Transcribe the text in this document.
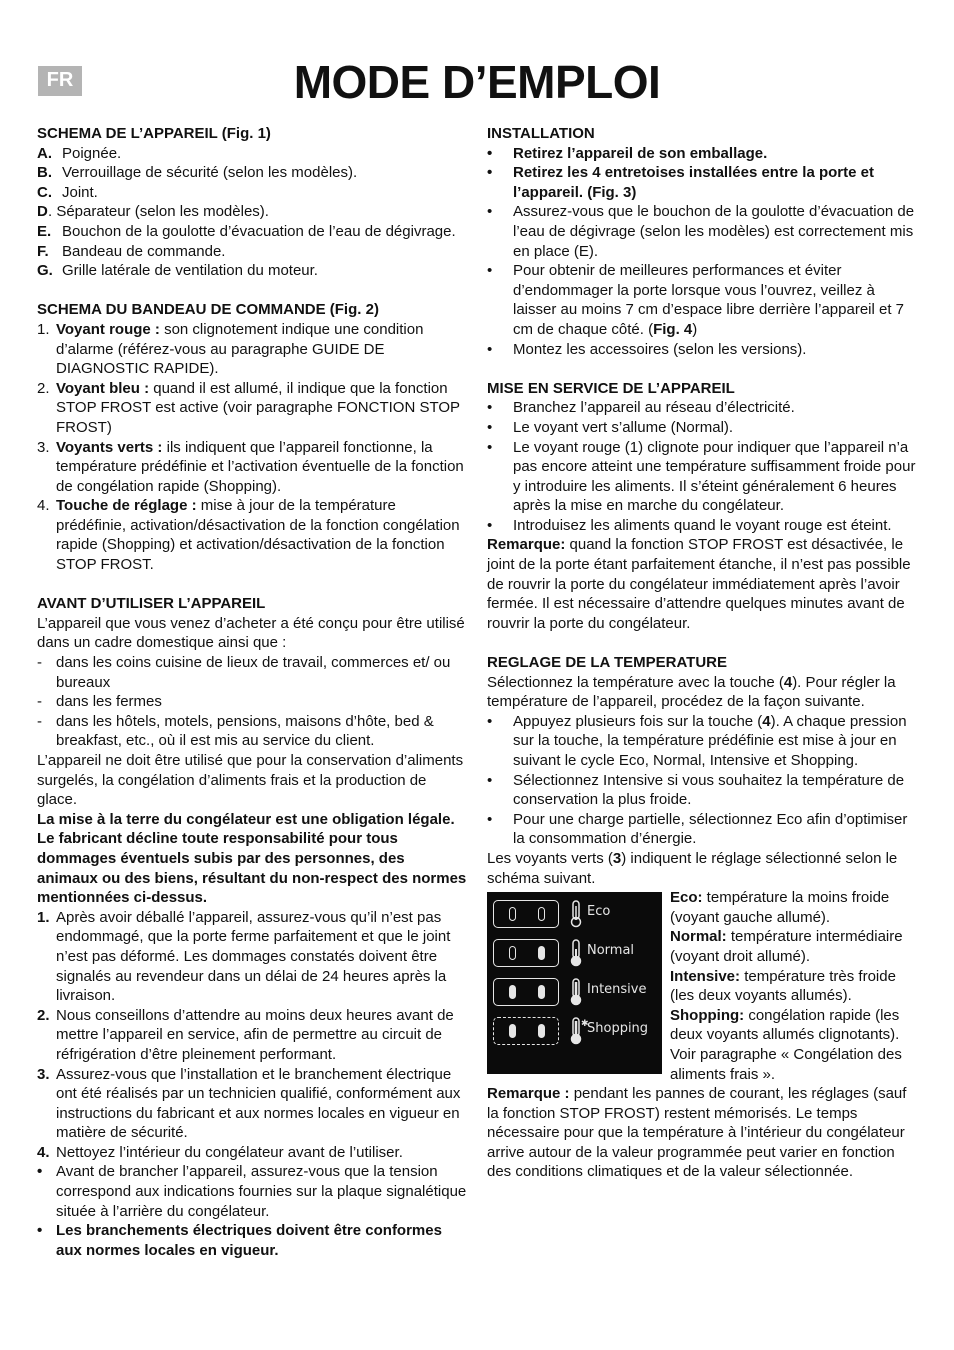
FR	MODE D’EMPLOI
SCHEMA DE L’APPAREIL (Fig. 1)
A. Poignée.
B. Verrouillage de sécurité (selon les modèles).
C. Joint.
D . Séparateur (selon les modèles).
E. Bouchon de la goulotte d’évacuation de l’eau de dégivrage.
F. Bandeau de commande.
G. Grille latérale de ventilation du moteur.
SCHEMA DU BANDEAU DE COMMANDE (Fig. 2)
1. Voyant rouge : son clignotement indique une condition d’alarme (référez-vous au paragraphe GUIDE DE DIAGNOSTIC RAPIDE).
2. Voyant bleu : quand il est allumé, il indique que la fonction STOP FROST est active (voir paragraphe FONCTION STOP FROST)
3. Voyants verts : ils indiquent que l’appareil fonctionne, la température prédéfinie et l’activation éventuelle de la fonction de congélation rapide (Shopping).
4. Touche de réglage : mise à jour de la température prédéfinie, activation/désactivation de la fonction congélation rapide (Shopping) et activation/désactivation de la fonction STOP FROST.
AVANT D’UTILISER L’APPAREIL
L’appareil que vous venez d’acheter a été conçu pour être utilisé dans un cadre domestique ainsi que :
- dans les coins cuisine de lieux de travail, commerces et/ ou bureaux
- dans les fermes
- dans les hôtels, motels, pensions, maisons d’hôte, bed & breakfast, etc., où il est mis au service du client.
L’appareil ne doit être utilisé que pour la conservation d’aliments surgelés, la congélation d’aliments frais et la production de glace.
La mise à la terre du congélateur est une obligation légale. Le fabricant décline toute responsabilité pour tous dommages éventuels subis par des personnes, des animaux ou des biens, résultant du non-respect des normes mentionnées ci-dessus.
1. Après avoir déballé l’appareil, assurez-vous qu’il n’est pas endommagé, que la porte ferme parfaitement et que le joint n’est pas déformé. Les dommages constatés doivent être signalés au revendeur dans un délai de 24 heures après la livraison.
2. Nous conseillons d’attendre au moins deux heures avant de mettre l’appareil en service, afin de permettre au circuit de réfrigération d’être pleinement performant.
3. Assurez-vous que l’installation et le branchement électrique ont été réalisés par un technicien qualifié, conformément aux instructions du fabricant et aux normes locales en vigueur en matière de sécurité.
4. Nettoyez l’intérieur du congélateur avant de l’utiliser.
• Avant de brancher l’appareil, assurez-vous que la tension correspond aux indications fournies sur la plaque signalétique située à l’arrière du congélateur.
• Les branchements électriques doivent être conformes aux normes locales en vigueur.
INSTALLATION
•	Retirez l’appareil de son emballage.
•	Retirez les 4 entretoises installées entre la porte et l’appareil. (Fig. 3)
•	Assurez-vous que le bouchon de la goulotte d’évacuation de l’eau de dégivrage (selon les modèles) est correctement mis en place (E).
•	Pour obtenir de meilleures performances et éviter d’endommager la porte lorsque vous l’ouvrez, veillez à laisser au moins 7 cm d’espace libre derrière l’appareil et 7 cm de chaque côté. (Fig. 4)
•	Montez les accessoires (selon les versions).
MISE EN SERVICE DE L’APPAREIL
•	Branchez l’appareil au réseau d’électricité.
•	Le voyant vert s’allume (Normal).
•	Le voyant rouge (1) clignote pour indiquer que l’appareil n’a pas encore atteint une température suffisamment froide pour y introduire les aliments. Il s’éteint généralement 6 heures après la mise en marche du congélateur.
•	Introduisez les aliments quand le voyant rouge est éteint.
Remarque: quand la fonction STOP FROST est désactivée, le joint de la porte étant parfaitement étanche, il n’est pas possible de rouvrir la porte du congélateur immédiatement après l’avoir fermée. Il est nécessaire d’attendre quelques minutes avant de rouvrir la porte du congélateur.
REGLAGE DE LA TEMPERATURE
Sélectionnez la température avec la touche (4). Pour régler la température de l’appareil, procédez de la façon suivante.
•	Appuyez plusieurs fois sur la touche (4). A chaque pression sur la touche, la température prédéfinie est mise à jour en suivant le cycle Eco, Normal, Intensive et Shopping.
•	Sélectionnez Intensive si vous souhaitez la température de conservation la plus froide.
•	Pour une charge partielle, sélectionnez Eco afin d’optimiser la consommation d’énergie.
Les voyants verts (3) indiquent le réglage sélectionné selon le schéma suivant.
Eco
Normal
Intensive
✱
Shopping
Eco: température la moins froide (voyant gauche allumé).
Normal: température intermédiaire (voyant droit allumé).
Intensive: température très froide (les deux voyants allumés).
Shopping: congélation rapide (les deux voyants allumés clignotants). Voir paragraphe « Congélation des aliments frais ».
Remarque : pendant les pannes de courant, les réglages (sauf la fonction STOP FROST) restent mémorisés. Le temps nécessaire pour que la température à l’intérieur du congélateur arrive autour de la valeur programmée peut varier en fonction des conditions climatiques et de la valeur sélectionnée.
